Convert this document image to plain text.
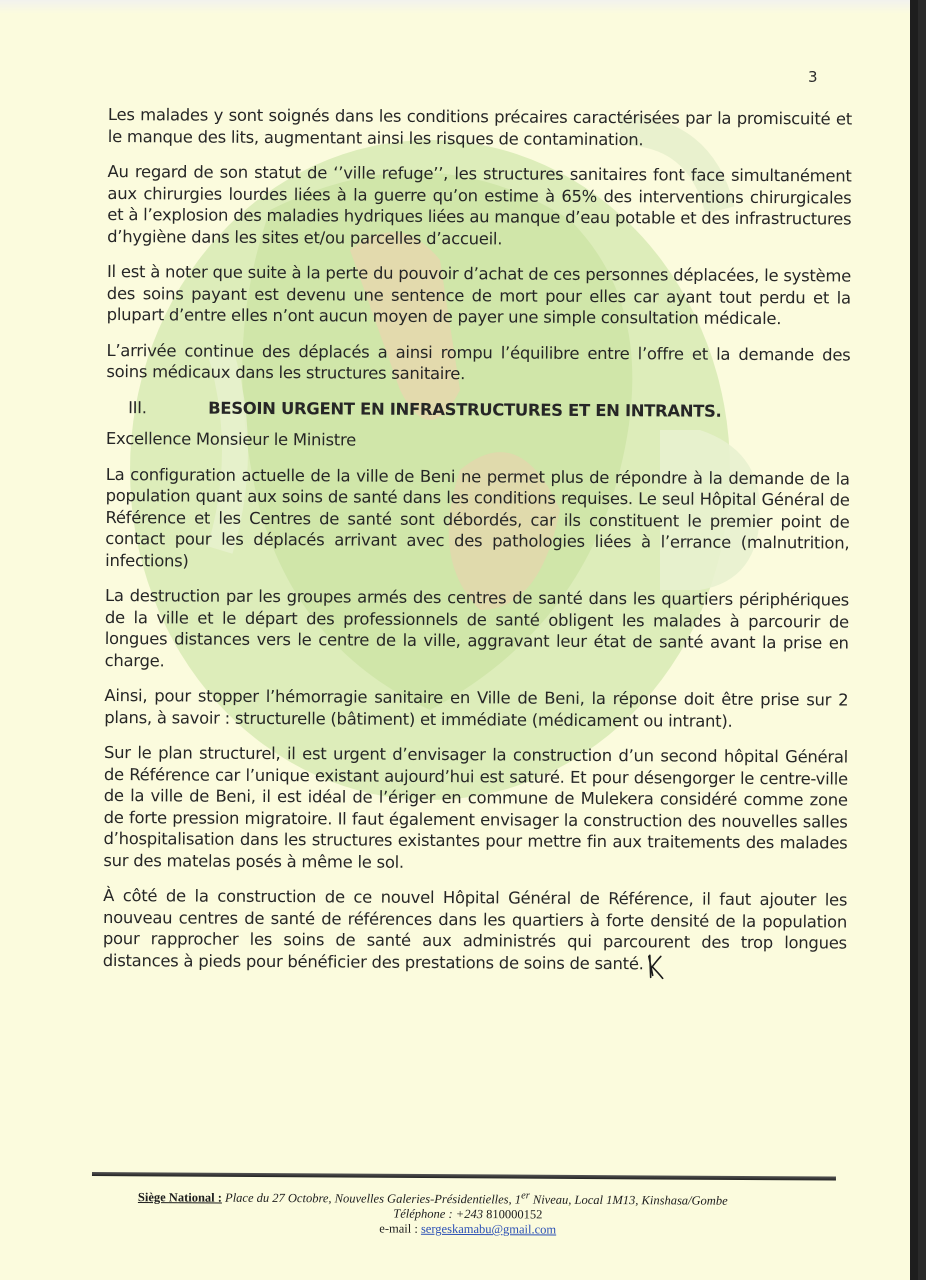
3

Les malades y sont soignés dans les conditions précaires caractérisées par la promiscuité et le manque des lits, augmentant ainsi les risques de contamination.

Au regard de son statut de ‘’ville refuge’’, les structures sanitaires font face simultanément aux chirurgies lourdes liées à la guerre qu’on estime à 65% des interventions chirurgicales et à l’explosion des maladies hydriques liées au manque d’eau potable et des infrastructures d’hygiène dans les sites et/ou parcelles d’accueil.

Il est à noter que suite à la perte du pouvoir d’achat de ces personnes déplacées, le système des soins payant est devenu une sentence de mort pour elles car ayant tout perdu et la plupart d’entre elles n’ont aucun moyen de payer une simple consultation médicale.

L’arrivée continue des déplacés a ainsi rompu l’équilibre entre l’offre et la demande des soins médicaux dans les structures sanitaire.

III.	BESOIN URGENT EN INFRASTRUCTURES ET EN INTRANTS.

Excellence Monsieur le Ministre

La configuration actuelle de la ville de Beni ne permet plus de répondre à la demande de la population quant aux soins de santé dans les conditions requises. Le seul Hôpital Général de Référence et les Centres de santé sont débordés, car ils constituent le premier point de contact pour les déplacés arrivant avec des pathologies liées à l’errance (malnutrition, infections)

La destruction par les groupes armés des centres de santé dans les quartiers périphériques de la ville et le départ des professionnels de santé obligent les malades à parcourir de longues distances vers le centre de la ville, aggravant leur état de santé avant la prise en charge.

Ainsi, pour stopper l’hémorragie sanitaire en Ville de Beni, la réponse doit être prise sur 2 plans, à savoir : structurelle (bâtiment) et immédiate (médicament ou intrant).

Sur le plan structurel, il est urgent d’envisager la construction d’un second hôpital Général de Référence car l’unique existant aujourd’hui est saturé. Et pour désengorger le centre-ville de la ville de Beni, il est idéal de l’ériger en commune de Mulekera considéré comme zone de forte pression migratoire. Il faut également envisager la construction des nouvelles salles d’hospitalisation dans les structures existantes pour mettre fin aux traitements des malades sur des matelas posés à même le sol.

À côté de la construction de ce nouvel Hôpital Général de Référence, il faut ajouter les nouveau centres de santé de références dans les quartiers à forte densité de la population pour rapprocher les soins de santé aux administrés qui parcourent des trop longues distances à pieds pour bénéficier des prestations de soins de santé.

Siège National : Place du 27 Octobre, Nouvelles Galeries-Présidentielles, 1er Niveau, Local 1M13, Kinshasa/Gombe
Téléphone : +243 810000152
e-mail : sergeskamabu@gmail.com
